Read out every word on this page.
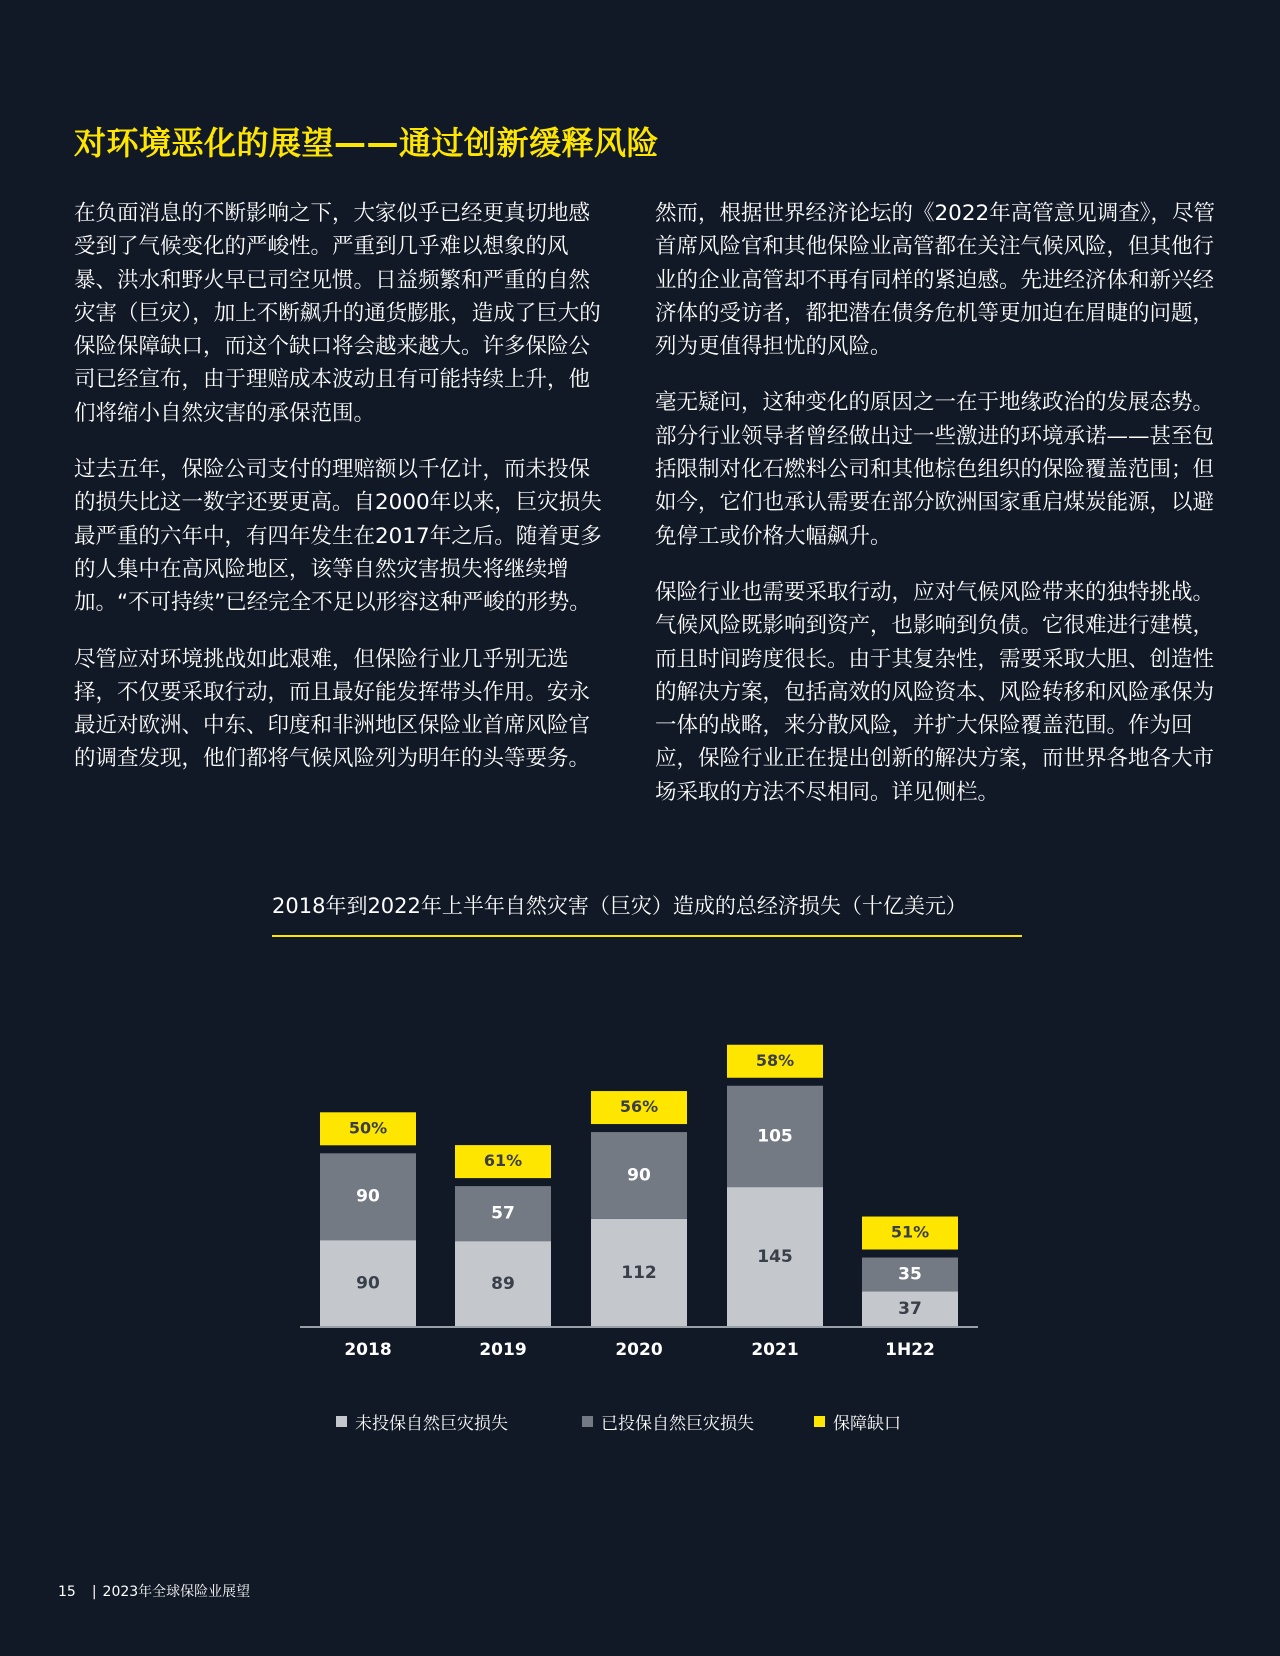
对环境恶化的展望——通过创新缓释风险

在负面消息的不断影响之下，大家似乎已经更真切地感受到了气候变化的严峻性。严重到几乎难以想象的风暴、洪水和野火早已司空见惯。日益频繁和严重的自然灾害（巨灾），加上不断飙升的通货膨胀，造成了巨大的保险保障缺口，而这个缺口将会越来越大。许多保险公司已经宣布，由于理赔成本波动且有可能持续上升，他们将缩小自然灾害的承保范围。

过去五年，保险公司支付的理赔额以千亿计，而未投保的损失比这一数字还要更高。自2000年以来，巨灾损失最严重的六年中，有四年发生在2017年之后。随着更多的人集中在高风险地区，该等自然灾害损失将继续增加。“不可持续”已经完全不足以形容这种严峻的形势。

尽管应对环境挑战如此艰难，但保险行业几乎别无选择，不仅要采取行动，而且最好能发挥带头作用。安永最近对欧洲、中东、印度和非洲地区保险业首席风险官的调查发现，他们都将气候风险列为明年的头等要务。

然而，根据世界经济论坛的《2022年高管意见调查》，尽管首席风险官和其他保险业高管都在关注气候风险，但其他行业的企业高管却不再有同样的紧迫感。先进经济体和新兴经济体的受访者，都把潜在债务危机等更加迫在眉睫的问题，列为更值得担忧的风险。

毫无疑问，这种变化的原因之一在于地缘政治的发展态势。部分行业领导者曾经做出过一些激进的环境承诺——甚至包括限制对化石燃料公司和其他棕色组织的保险覆盖范围；但如今，它们也承认需要在部分欧洲国家重启煤炭能源，以避免停工或价格大幅飙升。

保险行业也需要采取行动，应对气候风险带来的独特挑战。气候风险既影响到资产，也影响到负债。它很难进行建模，而且时间跨度很长。由于其复杂性，需要采取大胆、创造性的解决方案，包括高效的风险资本、风险转移和风险承保为一体的战略，来分散风险，并扩大保险覆盖范围。作为回应，保险行业正在提出创新的解决方案，而世界各地各大市场采取的方法不尽相同。详见侧栏。

2018年到2022年上半年自然灾害（巨灾）造成的总经济损失（十亿美元）
90
90
50%
2018
89
57
61%
2019
112
90
56%
2020
145
105
58%
2021
37
35
51%
1H22
未投保自然巨灾损失	已投保自然巨灾损失	保障缺口
15 | 2023年全球保险业展望
